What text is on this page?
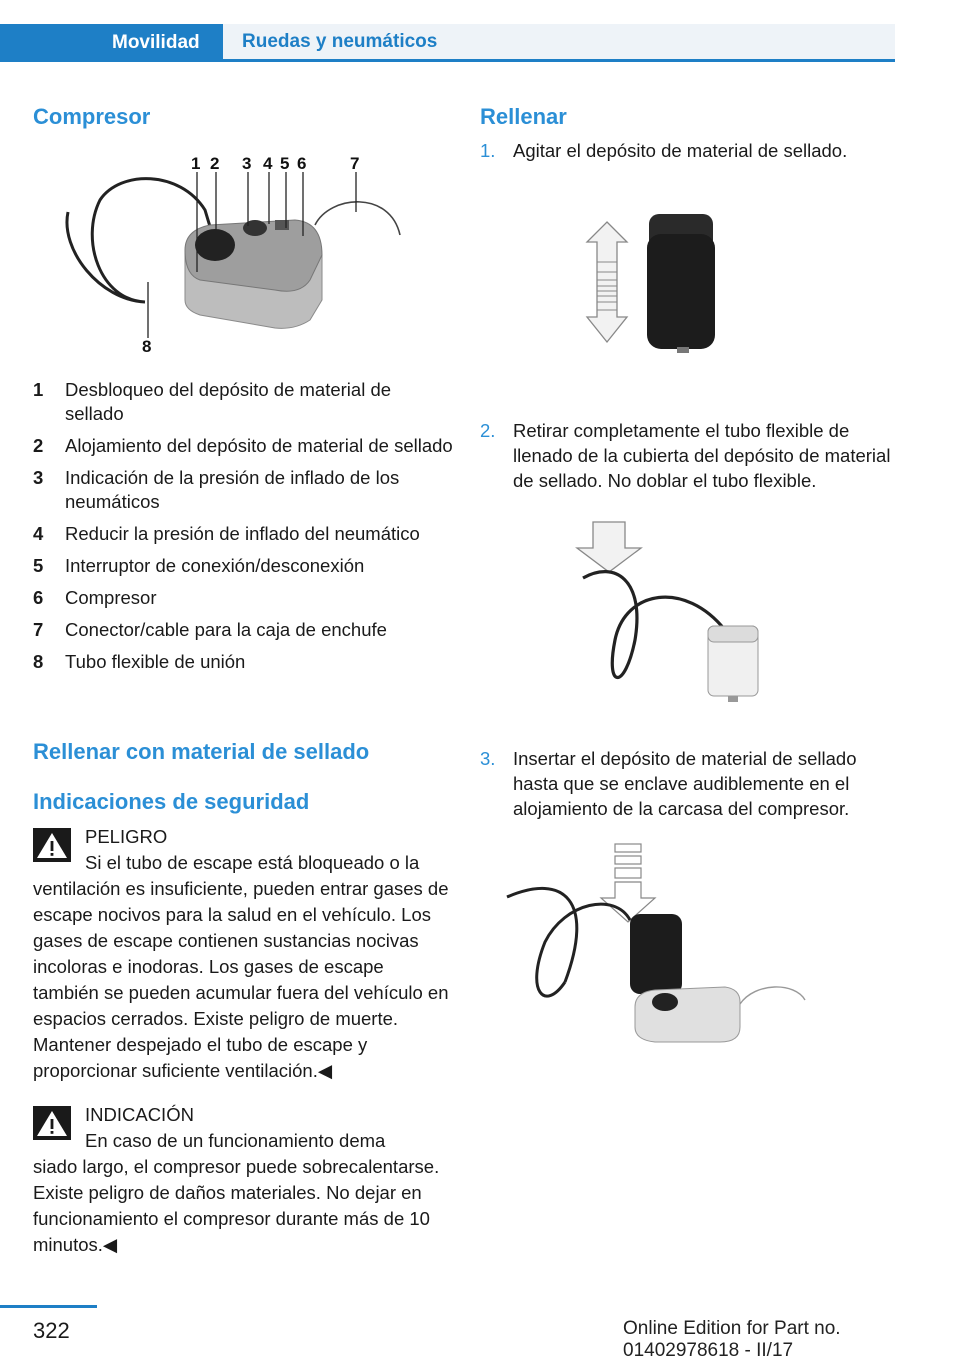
Movilidad	Ruedas y neumáticos
Compresor
1 2 3 4 5 6	7
8
1	Desbloqueo del depósito de material de sellado
2	Alojamiento del depósito de material de sellado
3	Indicación de la presión de inflado de los neumáticos
4	Reducir la presión de inflado del neumático
5	Interruptor de conexión/desconexión
6	Compresor
7	Conector/cable para la caja de enchufe
8	Tubo flexible de unión
Rellenar con material de sellado
Indicaciones de seguridad
PELIGRO
Si el tubo de escape está bloqueado o la
ventilación es insuficiente, pueden entrar gases de escape nocivos para la salud en el vehículo. Los gases de escape contienen sustancias nocivas incoloras e inodoras. Los gases de escape también se pueden acumular fuera del vehículo en espacios cerrados. Existe peligro de muerte. Mantener despejado el tubo de escape y proporcionar suficiente ventilación.◀
INDICACIÓN
En caso de un funcionamiento dema
siado largo, el compresor puede sobrecalentarse. Existe peligro de daños materiales. No dejar en funcionamiento el compresor durante más de 10 minutos.◀
Rellenar
1. Agitar el depósito de material de sellado.
2. Retirar completamente el tubo flexible de llenado de la cubierta del depósito de material de sellado. No doblar el tubo flexible.
3. Insertar el depósito de material de sellado hasta que se enclave audiblemente en el alojamiento de la carcasa del compresor.
322	Online Edition for Part no. 01402978618 - II/17
